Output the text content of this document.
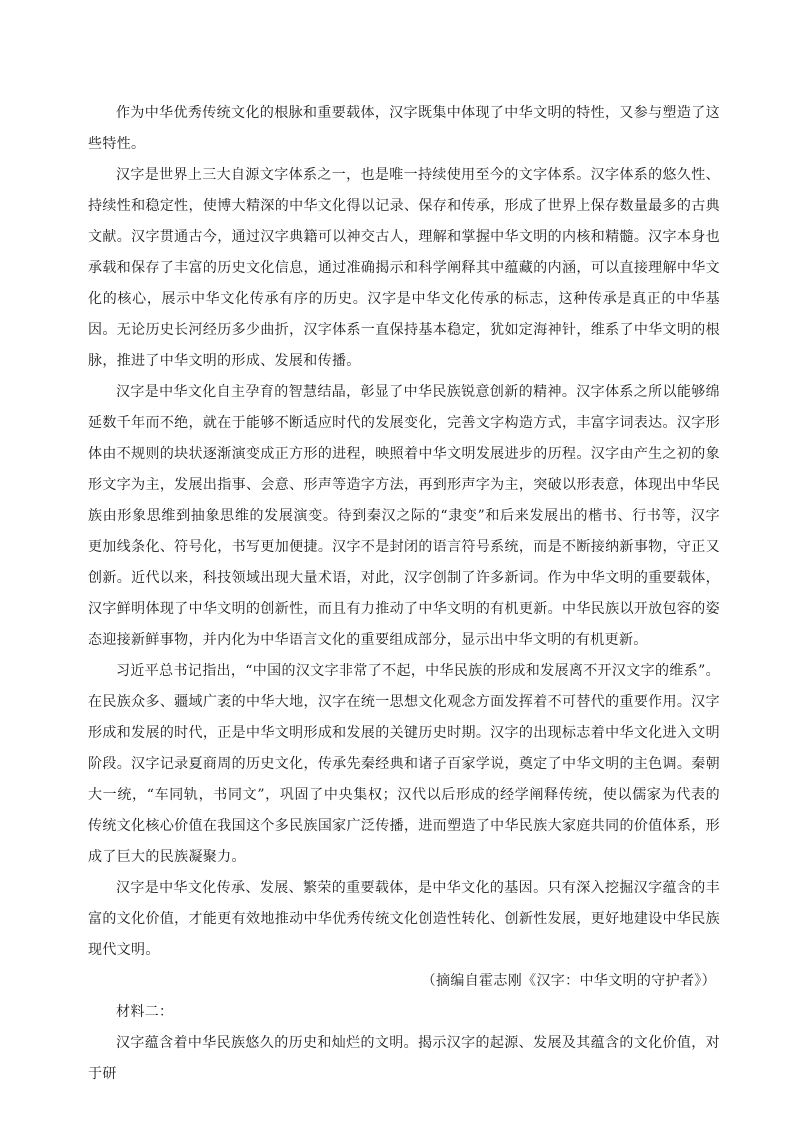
作为中华优秀传统文化的根脉和重要载体，汉字既集中体现了中华文明的特性，又参与塑造了这些特性。

汉字是世界上三大自源文字体系之一，也是唯一持续使用至今的文字体系。汉字体系的悠久性、持续性和稳定性，使博大精深的中华文化得以记录、保存和传承，形成了世界上保存数量最多的古典文献。汉字贯通古今，通过汉字典籍可以神交古人，理解和掌握中华文明的内核和精髓。汉字本身也承载和保存了丰富的历史文化信息，通过准确揭示和科学阐释其中蕴藏的内涵，可以直接理解中华文化的核心，展示中华文化传承有序的历史。汉字是中华文化传承的标志，这种传承是真正的中华基因。无论历史长河经历多少曲折，汉字体系一直保持基本稳定，犹如定海神针，维系了中华文明的根脉，推进了中华文明的形成、发展和传播。

汉字是中华文化自主孕育的智慧结晶，彰显了中华民族锐意创新的精神。汉字体系之所以能够绵延数千年而不绝，就在于能够不断适应时代的发展变化，完善文字构造方式，丰富字词表达。汉字形体由不规则的块状逐渐演变成正方形的进程，映照着中华文明发展进步的历程。汉字由产生之初的象形文字为主，发展出指事、会意、形声等造字方法，再到形声字为主，突破以形表意，体现出中华民族由形象思维到抽象思维的发展演变。待到秦汉之际的“隶变”和后来发展出的楷书、行书等，汉字更加线条化、符号化，书写更加便捷。汉字不是封闭的语言符号系统，而是不断接纳新事物，守正又创新。近代以来，科技领域出现大量术语，对此，汉字创制了许多新词。作为中华文明的重要载体，汉字鲜明体现了中华文明的创新性，而且有力推动了中华文明的有机更新。中华民族以开放包容的姿态迎接新鲜事物，并内化为中华语言文化的重要组成部分，显示出中华文明的有机更新。

习近平总书记指出，“中国的汉文字非常了不起，中华民族的形成和发展离不开汉文字的维系”。在民族众多、疆域广袤的中华大地，汉字在统一思想文化观念方面发挥着不可替代的重要作用。汉字形成和发展的时代，正是中华文明形成和发展的关键历史时期。汉字的出现标志着中华文化进入文明阶段。汉字记录夏商周的历史文化，传承先秦经典和诸子百家学说，奠定了中华文明的主色调。秦朝大一统，“车同轨，书同文”，巩固了中央集权；汉代以后形成的经学阐释传统，使以儒家为代表的传统文化核心价值在我国这个多民族国家广泛传播，进而塑造了中华民族大家庭共同的价值体系，形成了巨大的民族凝聚力。

汉字是中华文化传承、发展、繁荣的重要载体，是中华文化的基因。只有深入挖掘汉字蕴含的丰富的文化价值，才能更有效地推动中华优秀传统文化创造性转化、创新性发展，更好地建设中华民族现代文明。

（摘编自霍志刚《汉字：中华文明的守护者》）

材料二：

汉字蕴含着中华民族悠久的历史和灿烂的文明。揭示汉字的起源、发展及其蕴含的文化价值，对于研
